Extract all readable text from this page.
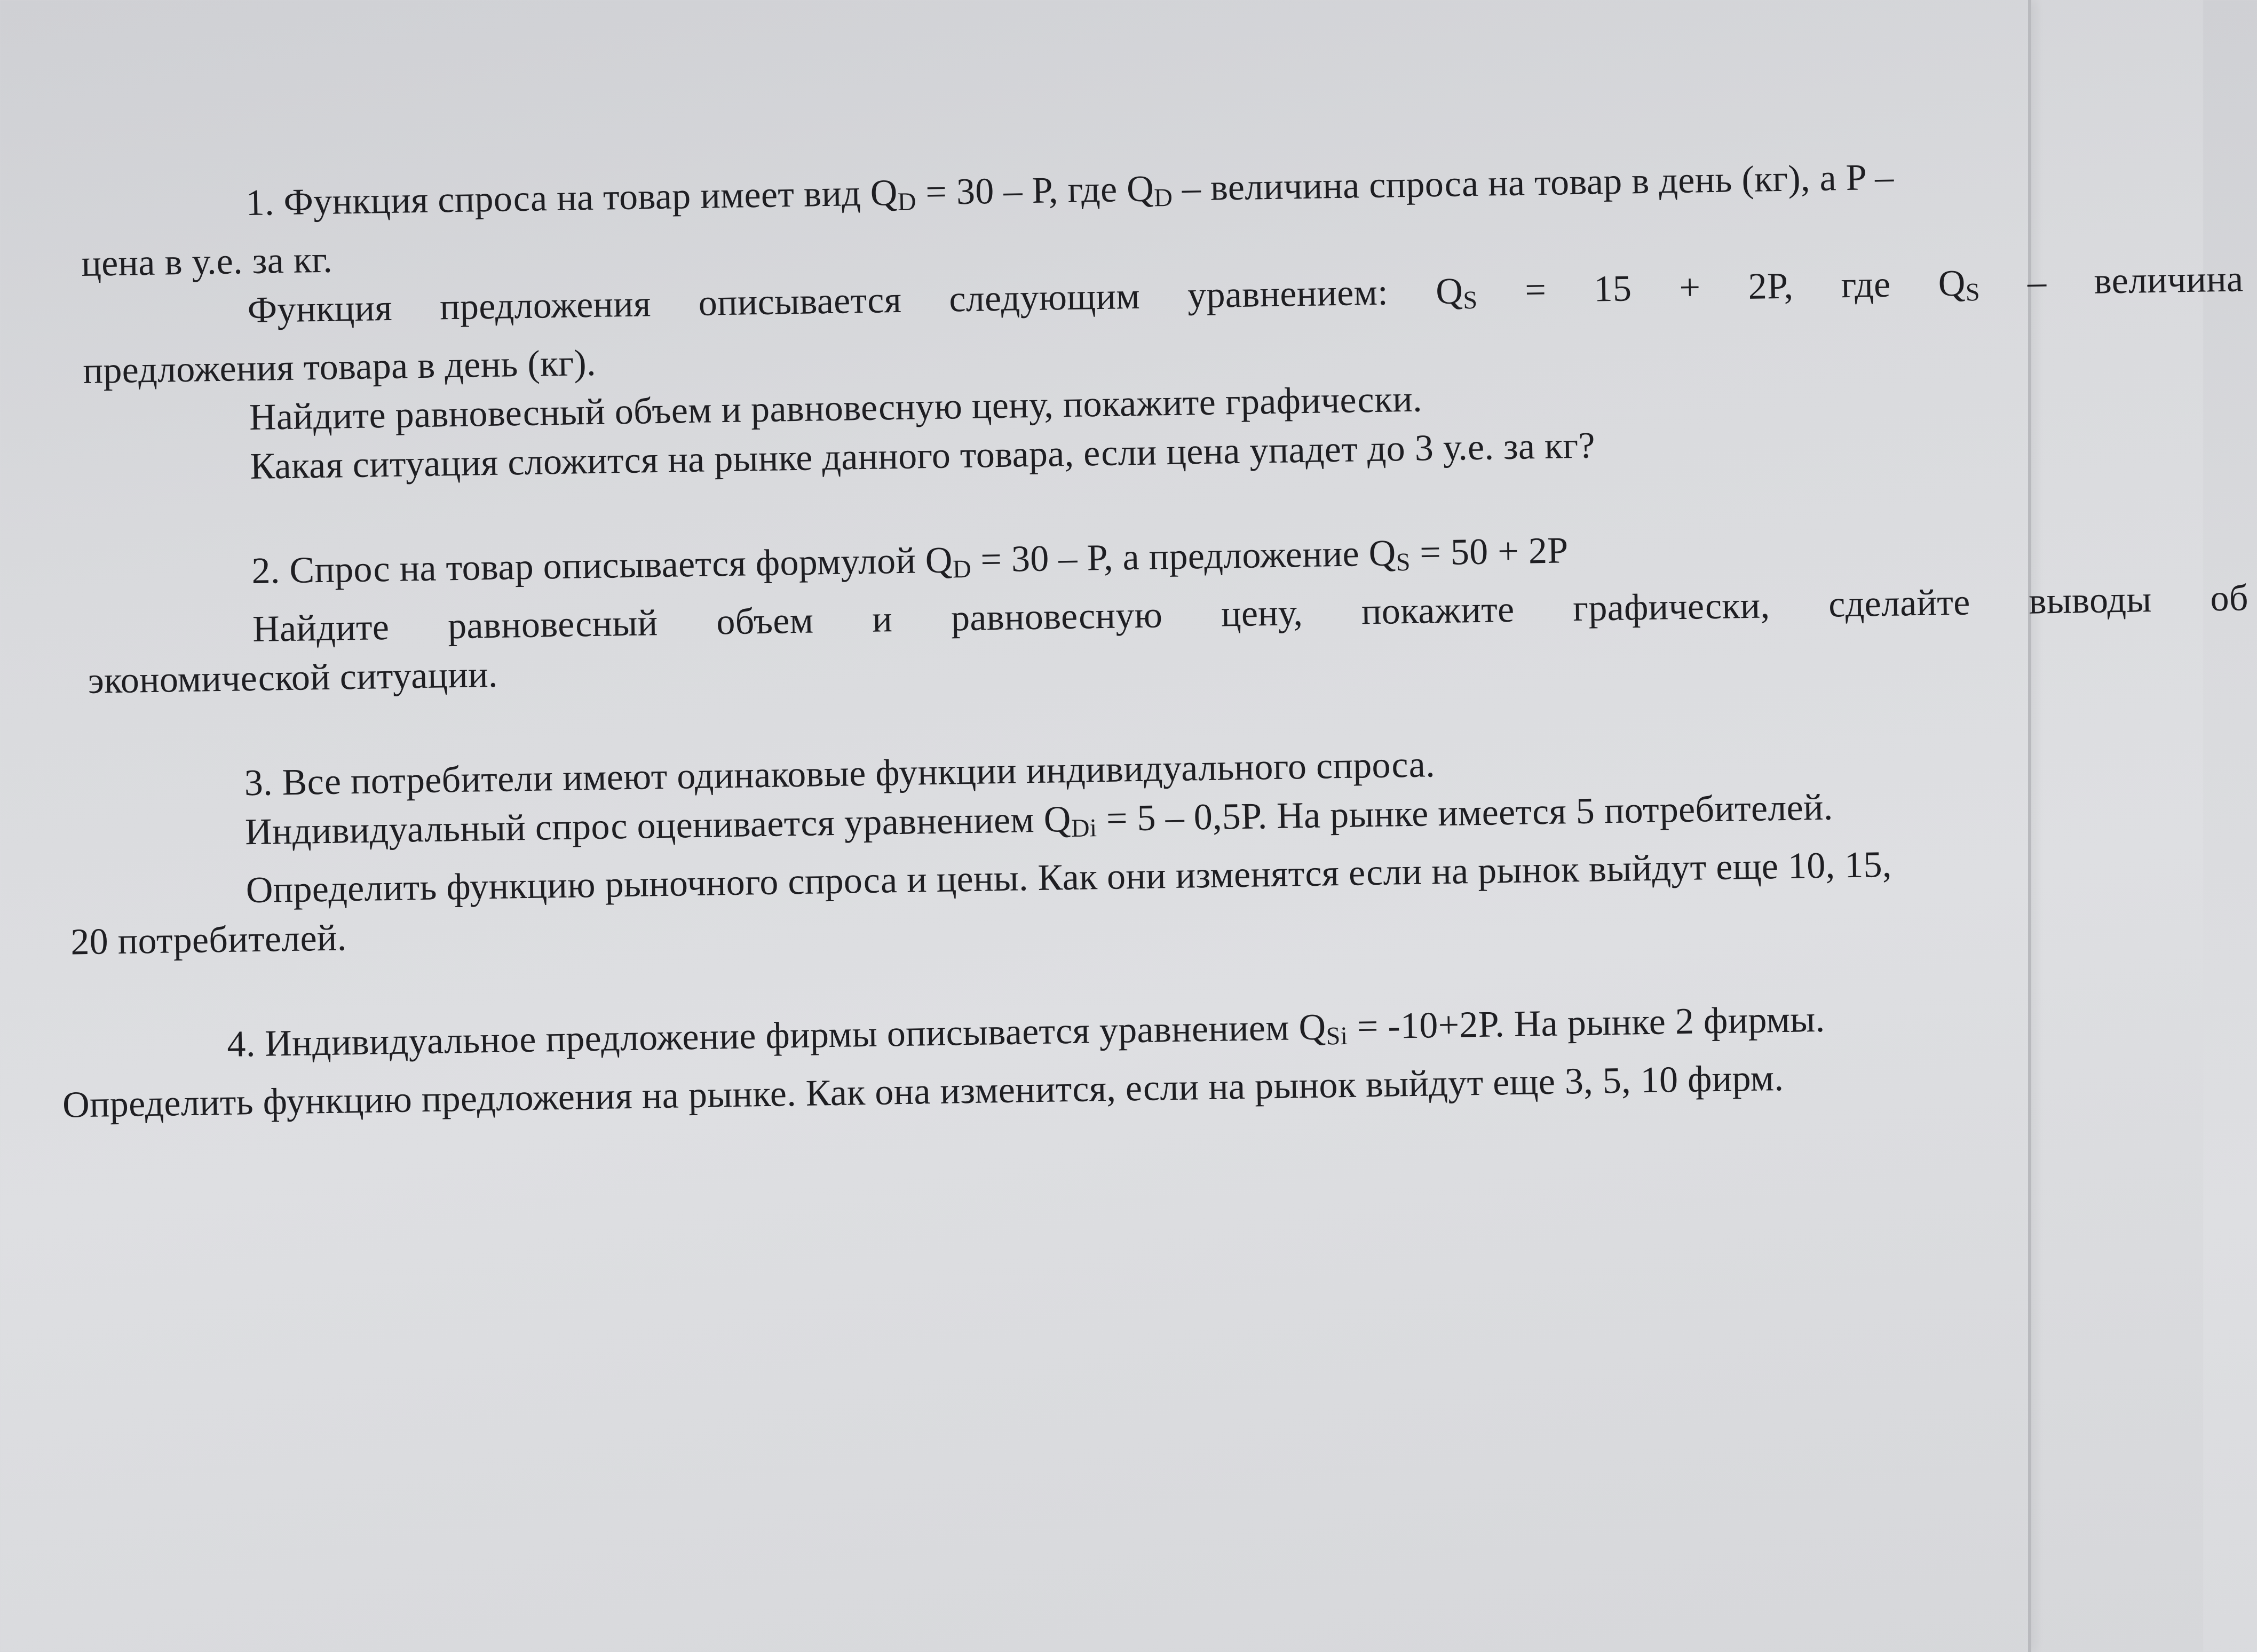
1. Функция спроса на товар имеет вид $Q_D = 30 - P$, где $Q_D$ – величина спроса на товар в день (кг), а P –

цена в у.е. за кг.

Функция предложения описывается следующим уравнением: QS = 15 + 2P, где QS – величина

предложения товара в день (кг).

Найдите равновесный объем и равновесную цену, покажите графически.

Какая ситуация сложится на рынке данного товара, если цена упадет до 3 у.е. за кг?

2. Спрос на товар описывается формулой $Q_D = 30 - P$, а предложение $Q_S = 50 + 2P$

Найдите равновесный объем и равновесную цену, покажите графически, сделайте выводы об

экономической ситуации.

3. Все потребители имеют одинаковые функции индивидуального спроса.

Индивидуальный спрос оценивается уравнением $Q_{Di} = 5 - 0,5P$. На рынке имеется 5 потребителей.

Определить функцию рыночного спроса и цены. Как они изменятся если на рынок выйдут еще 10, 15,

20 потребителей.

4. Индивидуальное предложение фирмы описывается уравнением $Q_{Si} = -10+2P$. На рынке 2 фирмы.

Определить функцию предложения на рынке. Как она изменится, если на рынок выйдут еще 3, 5, 10 фирм.
